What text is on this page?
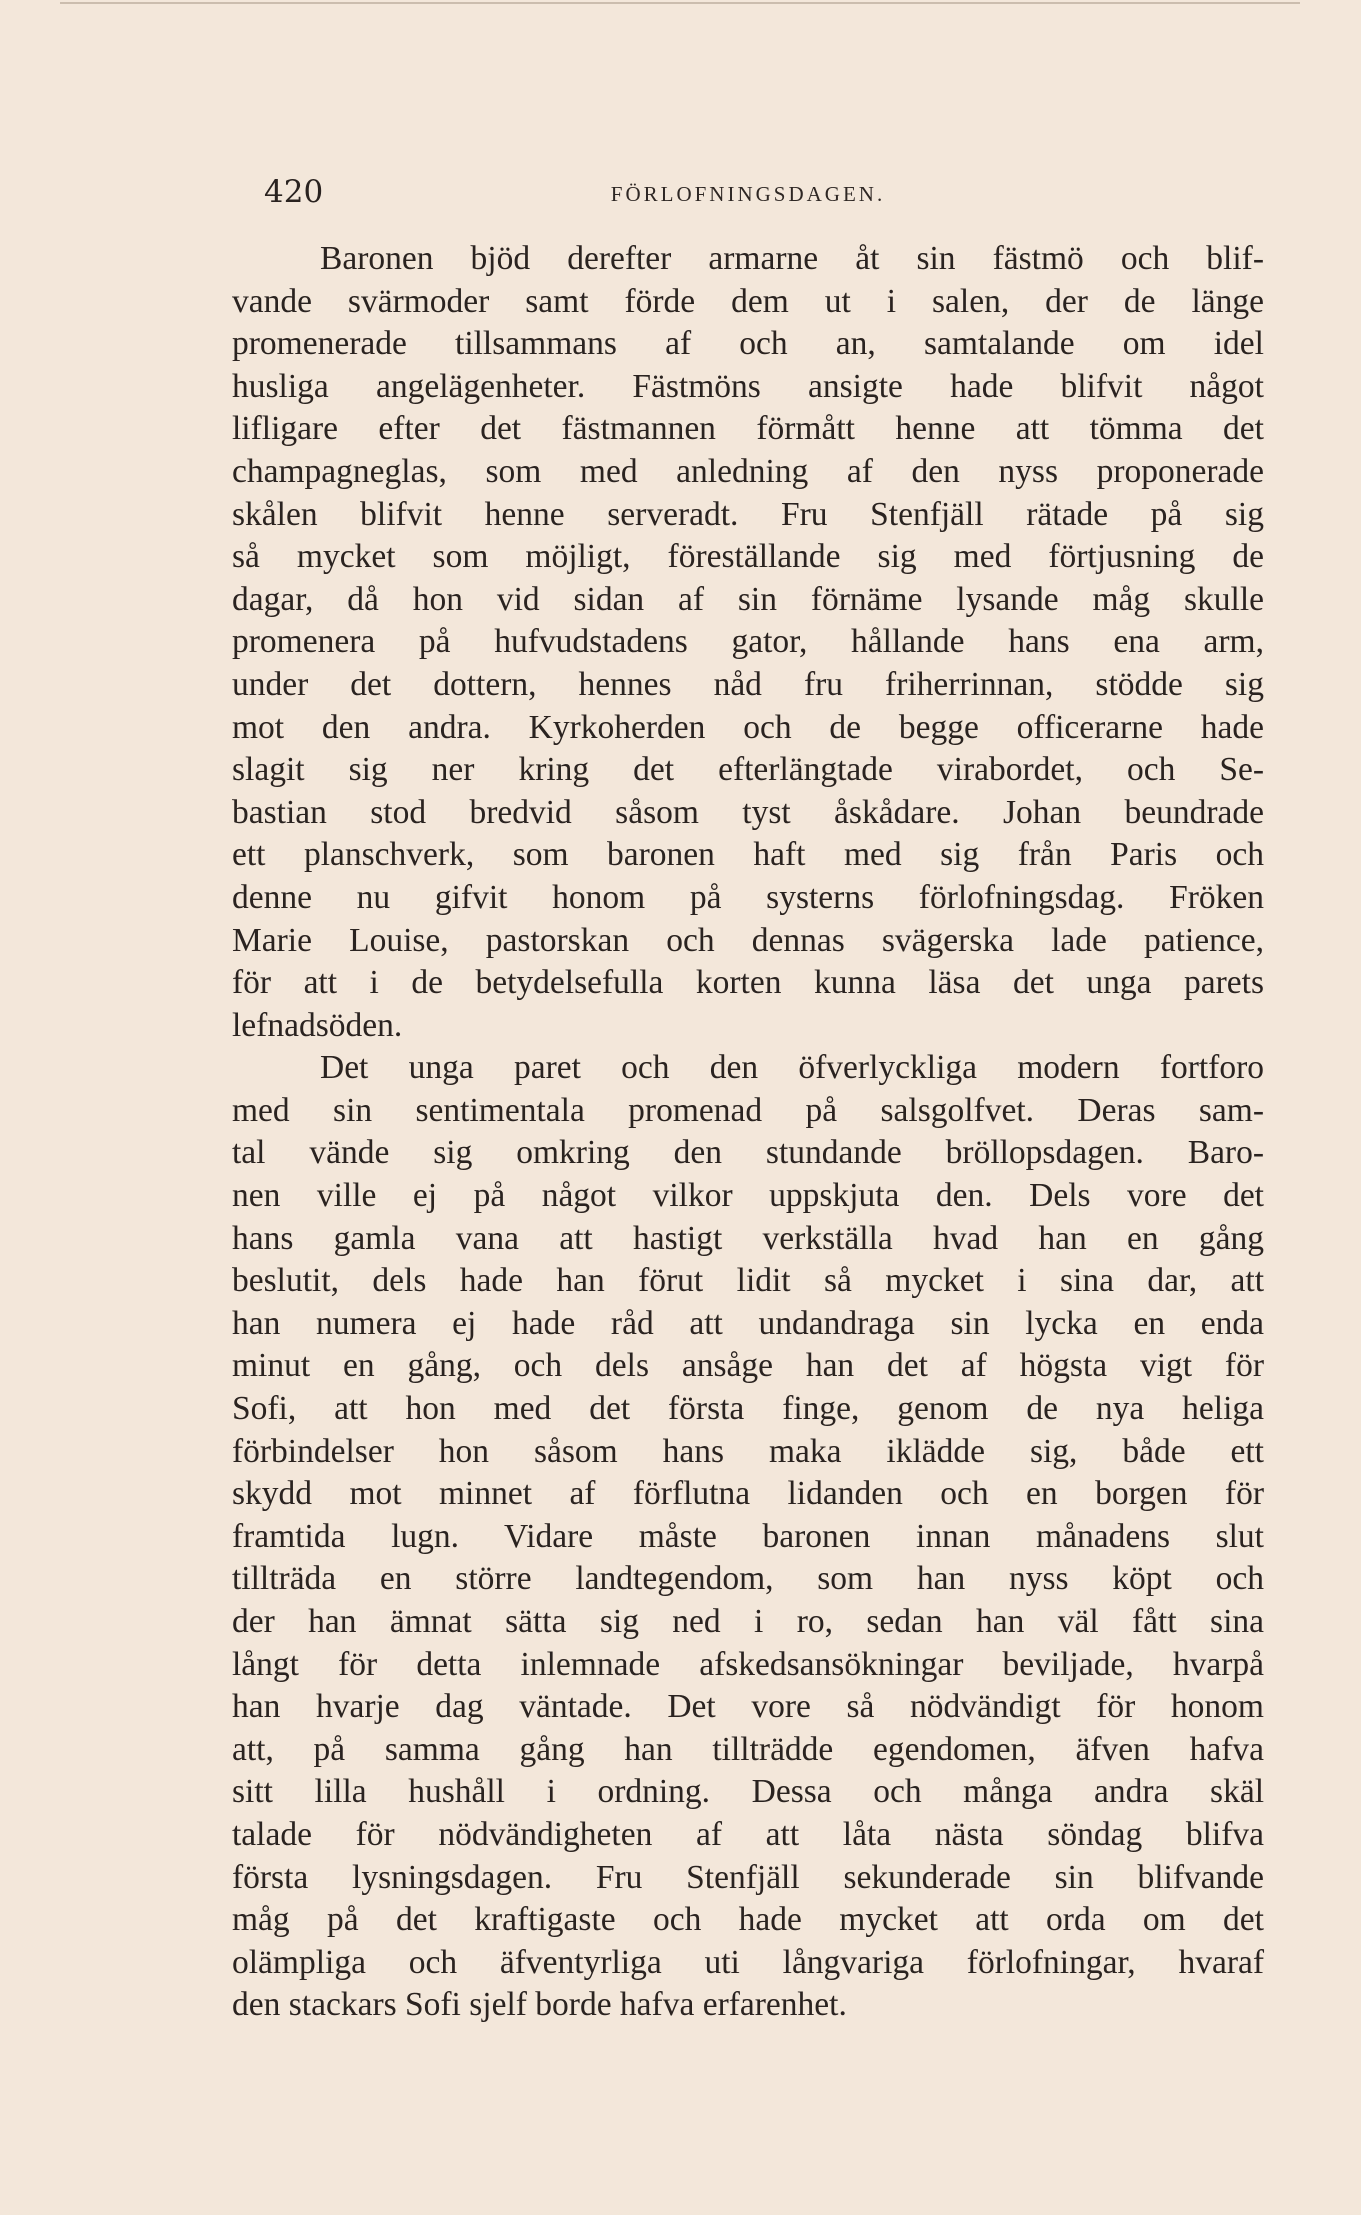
420	FÖRLOFNINGSDAGEN.
Baronen bjöd derefter armarne åt sin fästmö och blif-
vande svärmoder samt förde dem ut i salen, der de länge
promenerade tillsammans af och an, samtalande om idel
husliga angelägenheter. Fästmöns ansigte hade blifvit något
lifligare efter det fästmannen förmått henne att tömma det
champagneglas, som med anledning af den nyss proponerade
skålen blifvit henne serveradt. Fru Stenfjäll rätade på sig
så mycket som möjligt, föreställande sig med förtjusning de
dagar, då hon vid sidan af sin förnäme lysande måg skulle
promenera på hufvudstadens gator, hållande hans ena arm,
under det dottern, hennes nåd fru friherrinnan, stödde sig
mot den andra. Kyrkoherden och de begge officerarne hade
slagit sig ner kring det efterlängtade virabordet, och Se-
bastian stod bredvid såsom tyst åskådare. Johan beundrade
ett planschverk, som baronen haft med sig från Paris och
denne nu gifvit honom på systerns förlofningsdag. Fröken
Marie Louise, pastorskan och dennas svägerska lade patience,
för att i de betydelsefulla korten kunna läsa det unga parets
lefnadsöden.
Det unga paret och den öfverlyckliga modern fortforo
med sin sentimentala promenad på salsgolfvet. Deras sam-
tal vände sig omkring den stundande bröllopsdagen. Baro-
nen ville ej på något vilkor uppskjuta den. Dels vore det
hans gamla vana att hastigt verkställa hvad han en gång
beslutit, dels hade han förut lidit så mycket i sina dar, att
han numera ej hade råd att undandraga sin lycka en enda
minut en gång, och dels ansåge han det af högsta vigt för
Sofi, att hon med det första finge, genom de nya heliga
förbindelser hon såsom hans maka iklädde sig, både ett
skydd mot minnet af förflutna lidanden och en borgen för
framtida lugn. Vidare måste baronen innan månadens slut
tillträda en större landtegendom, som han nyss köpt och
der han ämnat sätta sig ned i ro, sedan han väl fått sina
långt för detta inlemnade afskedsansökningar beviljade, hvarpå
han hvarje dag väntade. Det vore så nödvändigt för honom
att, på samma gång han tillträdde egendomen, äfven hafva
sitt lilla hushåll i ordning. Dessa och många andra skäl
talade för nödvändigheten af att låta nästa söndag blifva
första lysningsdagen. Fru Stenfjäll sekunderade sin blifvande
måg på det kraftigaste och hade mycket att orda om det
olämpliga och äfventyrliga uti långvariga förlofningar, hvaraf
den stackars Sofi sjelf borde hafva erfarenhet.
